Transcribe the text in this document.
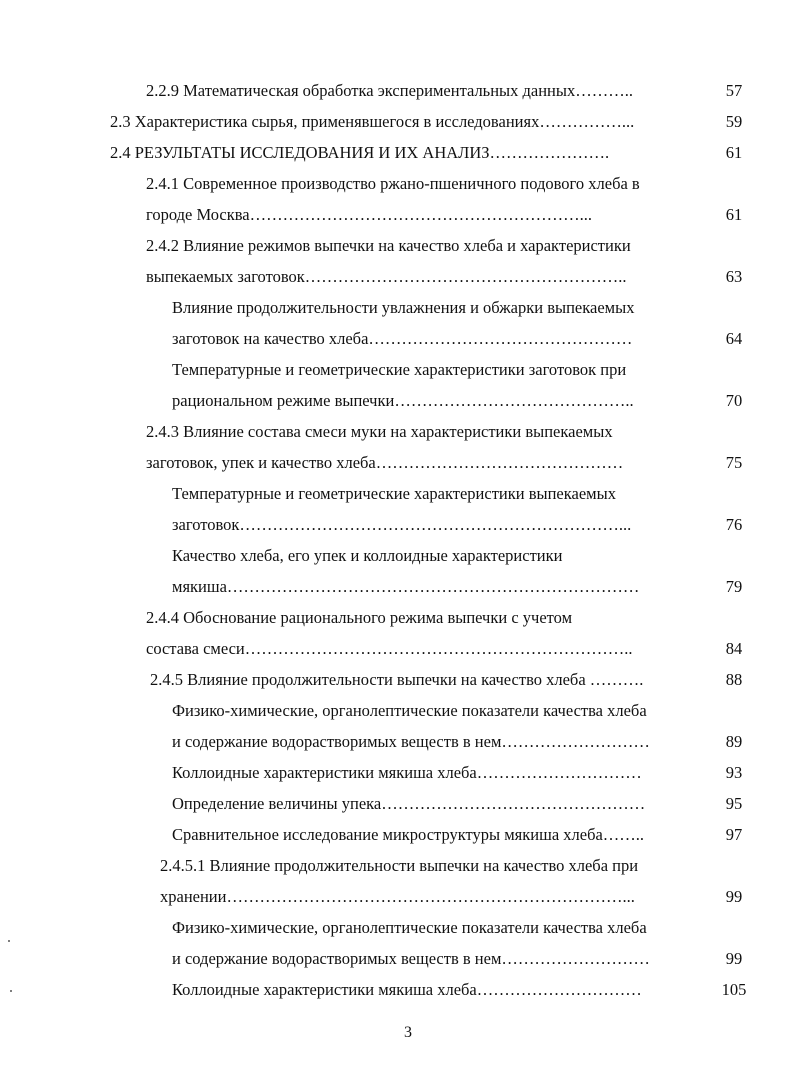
2.2.9 Математическая обработка экспериментальных данных………..	57
2.3 Характеристика сырья, применявшегося в исследованиях……………...	59
2.4 РЕЗУЛЬТАТЫ ИССЛЕДОВАНИЯ И ИХ АНАЛИЗ………………….	61
2.4.1 Современное производство ржано-пшеничного подового хлеба в
городе Москва……………………………………………………...	61
2.4.2 Влияние режимов выпечки на качество хлеба и характеристики
выпекаемых заготовок…………………………………………………..	63
Влияние продолжительности увлажнения и обжарки выпекаемых
заготовок на качество хлеба…………………………………………	64
Температурные и геометрические характеристики заготовок при
рациональном режиме выпечки……………………………………..	70
2.4.3 Влияние состава смеси муки на характеристики выпекаемых
заготовок, упек и качество хлеба………………………………………	75
Температурные и геометрические характеристики выпекаемых
заготовок……………………………………………………………...	76
Качество хлеба, его упек и коллоидные характеристики
мякиша…………………………………………………………………	79
2.4.4 Обоснование рационального режима выпечки с учетом
состава смеси……………………………………………………………..	84
2.4.5 Влияние продолжительности выпечки на качество хлеба ……….	88
Физико-химические, органолептические показатели качества хлеба
и содержание водорастворимых веществ в нем………………………	89
Коллоидные характеристики мякиша хлеба…………………………	93
Определение величины упека…………………………………………	95
Сравнительное исследование микроструктуры мякиша хлеба……..	97
2.4.5.1 Влияние продолжительности выпечки на качество хлеба при
хранении………………………………………………………………...	99
Физико-химические, органолептические показатели качества хлеба
и содержание водорастворимых веществ в нем………………………	99
Коллоидные характеристики мякиша хлеба…………………………	105
3
